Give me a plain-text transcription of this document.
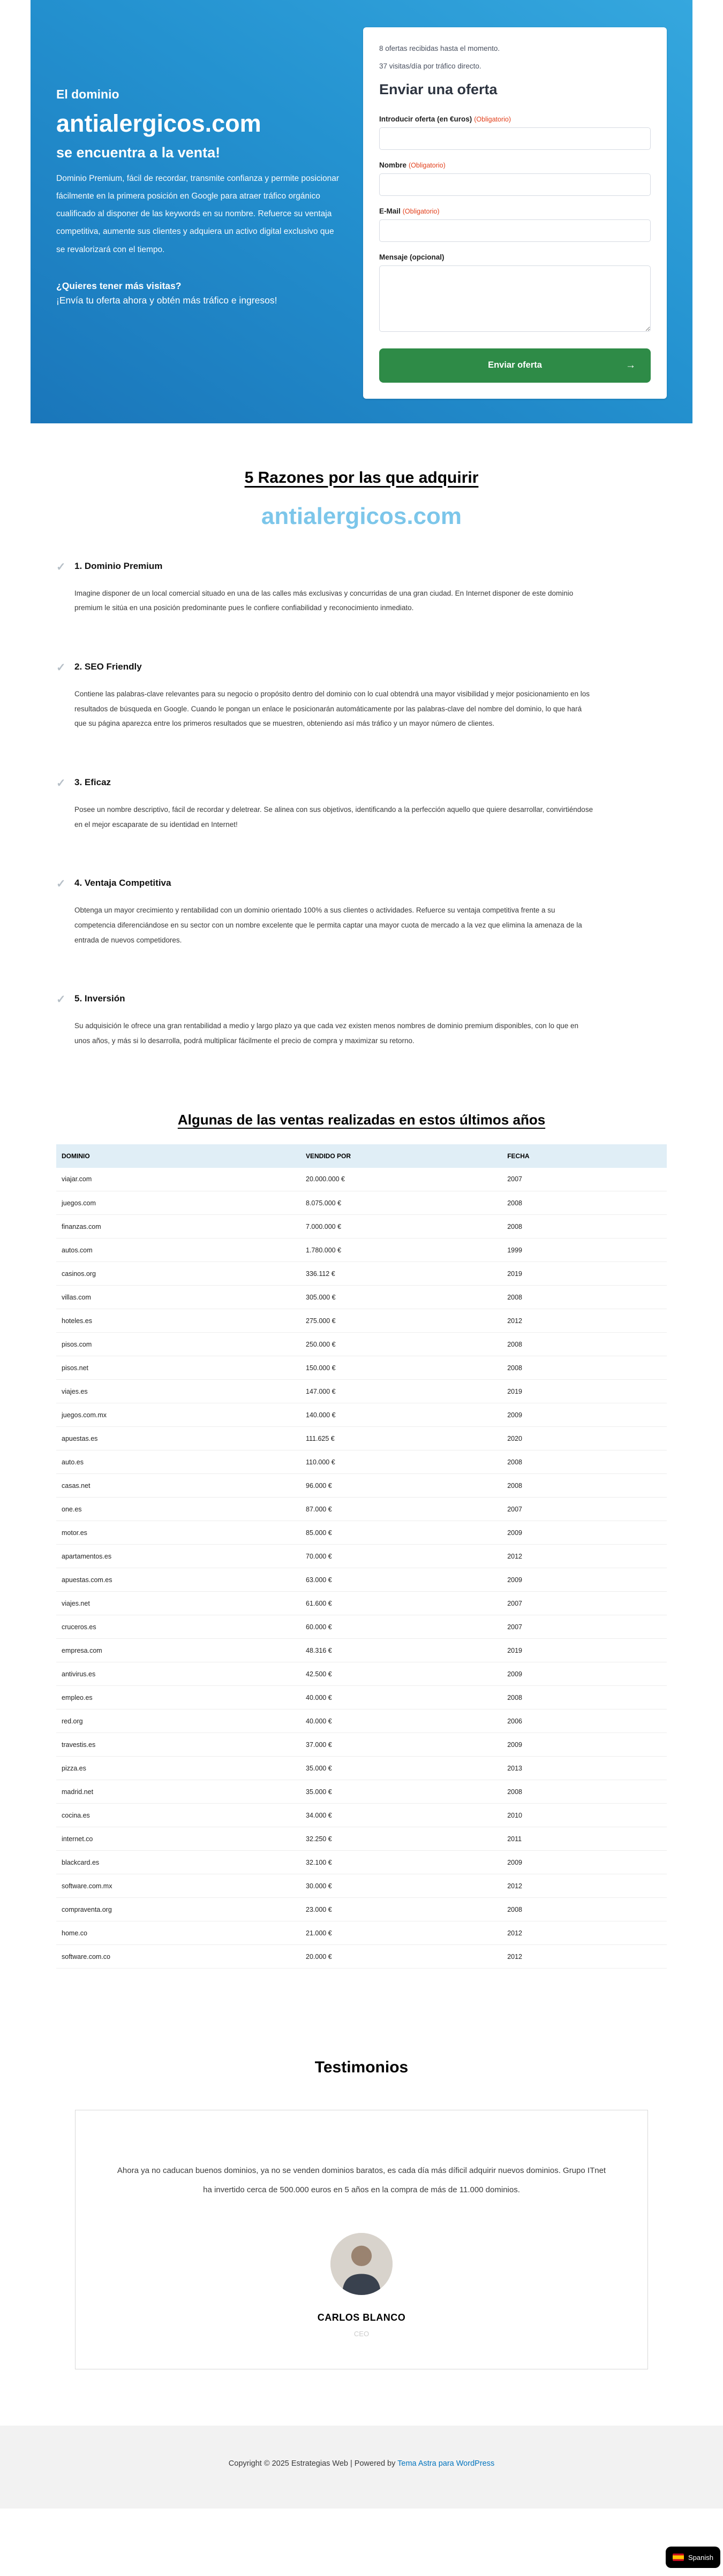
El dominio
antialergicos.com
se encuentra a la venta!

Dominio Premium, fácil de recordar, transmite confianza y permite posicionar fácilmente en la primera posición en Google para atraer tráfico orgánico cualificado al disponer de las keywords en su nombre. Refuerce su ventaja competitiva, aumente sus clientes y adquiera un activo digital exclusivo que se revalorizará con el tiempo.

¿Quieres tener más visitas?
¡Envía tu oferta ahora y obtén más tráfico e ingresos!

8 ofertas recibidas hasta el momento.

37 visitas/día por tráfico directo.

Enviar una oferta
Introducir oferta (en €uros) (Obligatorio)
Nombre (Obligatorio)
E-Mail (Obligatorio)
Mensaje (opcional)
Enviar oferta	→
5 Razones por las que adquirir
antialergicos.com
✓ 1. Dominio Premium

Imagine disponer de un local comercial situado en una de las calles más exclusivas y concurridas de una gran ciudad. En Internet disponer de este dominio premium le sitúa en una posición predominante pues le confiere confiabilidad y reconocimiento inmediato.

✓ 2. SEO Friendly

Contiene las palabras-clave relevantes para su negocio o propósito dentro del dominio con lo cual obtendrá una mayor visibilidad y mejor posicionamiento en los resultados de búsqueda en Google. Cuando le pongan un enlace le posicionarán automáticamente por las palabras-clave del nombre del dominio, lo que hará que su página aparezca entre los primeros resultados que se muestren, obteniendo así más tráfico y un mayor número de clientes.

✓ 3. Eficaz

Posee un nombre descriptivo, fácil de recordar y deletrear. Se alinea con sus objetivos, identificando a la perfección aquello que quiere desarrollar, convirtiéndose en el mejor escaparate de su identidad en Internet!

✓ 4. Ventaja Competitiva

Obtenga un mayor crecimiento y rentabilidad con un dominio orientado 100% a sus clientes o actividades. Refuerce su ventaja competitiva frente a su competencia diferenciándose en su sector con un nombre excelente que le permita captar una mayor cuota de mercado a la vez que elimina la amenaza de la entrada de nuevos competidores.

✓ 5. Inversión

Su adquisición le ofrece una gran rentabilidad a medio y largo plazo ya que cada vez existen menos nombres de dominio premium disponibles, con lo que en unos años, y más si lo desarrolla, podrá multiplicar fácilmente el precio de compra y maximizar su retorno.

Algunas de las ventas realizadas en estos últimos años
DOMINIO	VENDIDO POR	FECHA
viajar.com	20.000.000 €	2007
juegos.com	8.075.000 €	2008
finanzas.com	7.000.000 €	2008
autos.com	1.780.000 €	1999
casinos.org	336.112 €	2019
villas.com	305.000 €	2008
hoteles.es	275.000 €	2012
pisos.com	250.000 €	2008
pisos.net	150.000 €	2008
viajes.es	147.000 €	2019
juegos.com.mx	140.000 €	2009
apuestas.es	111.625 €	2020
auto.es	110.000 €	2008
casas.net	96.000 €	2008
one.es	87.000 €	2007
motor.es	85.000 €	2009
apartamentos.es	70.000 €	2012
apuestas.com.es	63.000 €	2009
viajes.net	61.600 €	2007
cruceros.es	60.000 €	2007
empresa.com	48.316 €	2019
antivirus.es	42.500 €	2009
empleo.es	40.000 €	2008
red.org	40.000 €	2006
travestis.es	37.000 €	2009
pizza.es	35.000 €	2013
madrid.net	35.000 €	2008
cocina.es	34.000 €	2010
internet.co	32.250 €	2011
blackcard.es	32.100 €	2009
software.com.mx	30.000 €	2012
compraventa.org	23.000 €	2008
home.co	21.000 €	2012
software.com.co	20.000 €	2012
Testimonios

Ahora ya no caducan buenos dominios, ya no se venden dominios baratos, es cada día más díficil adquirir nuevos dominios. Grupo ITnet ha invertido cerca de 500.000 euros en 5 años en la compra de más de 11.000 dominios.

CARLOS BLANCO
CEO

Copyright © 2025 Estrategias Web | Powered by Tema Astra para WordPress

Spanish
